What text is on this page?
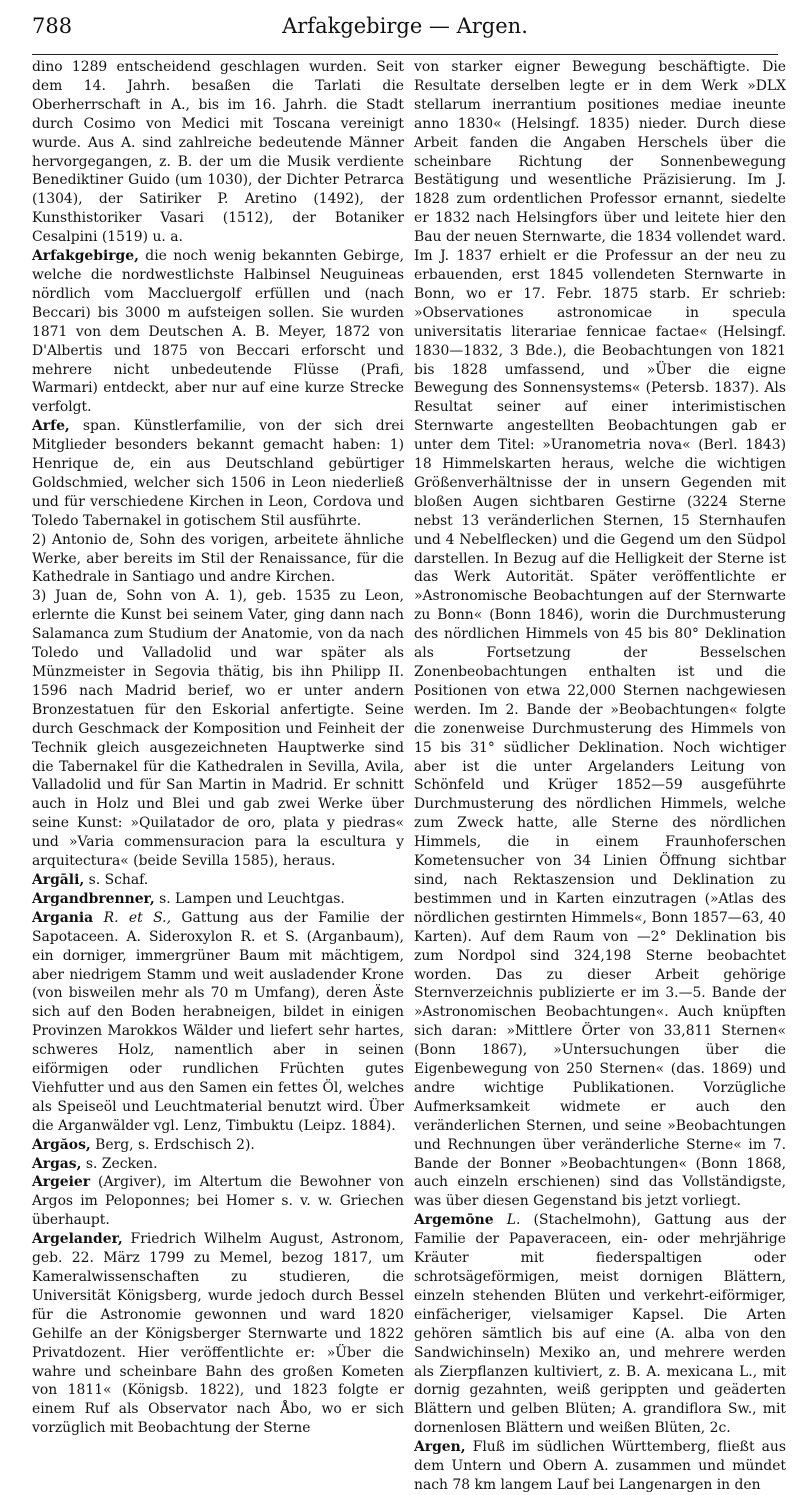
788	Arfakgebirge — Argen.

dino 1289 entscheidend geschlagen wurden. Seit dem 14. Jahrh. besaßen die Tarlati die Oberherrschaft in A., bis im 16. Jahrh. die Stadt durch Cosimo von Medici mit Toscana vereinigt wurde. Aus A. sind zahlreiche bedeutende Männer hervorgegangen, z. B. der um die Musik verdiente Benediktiner Guido (um 1030), der Dichter Petrarca (1304), der Satiriker P. Aretino (1492), der Kunsthistoriker Vasari (1512), der Botaniker Cesalpini (1519) u. a.

Arfakgebirge, die noch wenig bekannten Gebirge, welche die nordwestlichste Halbinsel Neuguineas nördlich vom Maccluergolf erfüllen und (nach Beccari) bis 3000 m aufsteigen sollen. Sie wurden 1871 von dem Deutschen A. B. Meyer, 1872 von D'Albertis und 1875 von Beccari erforscht und mehrere nicht unbedeutende Flüsse (Prafi, Warmari) entdeckt, aber nur auf eine kurze Strecke verfolgt.

Arfe, span. Künstlerfamilie, von der sich drei Mitglieder besonders bekannt gemacht haben: 1) Henrique de, ein aus Deutschland gebürtiger Goldschmied, welcher sich 1506 in Leon niederließ und für verschiedene Kirchen in Leon, Cordova und Toledo Tabernakel in gotischem Stil ausführte.

2) Antonio de, Sohn des vorigen, arbeitete ähnliche Werke, aber bereits im Stil der Renaissance, für die Kathedrale in Santiago und andre Kirchen.

3) Juan de, Sohn von A. 1), geb. 1535 zu Leon, erlernte die Kunst bei seinem Vater, ging dann nach Salamanca zum Studium der Anatomie, von da nach Toledo und Valladolid und war später als Münzmeister in Segovia thätig, bis ihn Philipp II. 1596 nach Madrid berief, wo er unter andern Bronzestatuen für den Eskorial anfertigte. Seine durch Geschmack der Komposition und Feinheit der Technik gleich ausgezeichneten Hauptwerke sind die Tabernakel für die Kathedralen in Sevilla, Avila, Valladolid und für San Martin in Madrid. Er schnitt auch in Holz und Blei und gab zwei Werke über seine Kunst: »Quilatador de oro, plata y piedras« und »Varia commensuracion para la escultura y arquitectura« (beide Sevilla 1585), heraus.

Argāli, s. Schaf.

Argandbrenner, s. Lampen und Leuchtgas.

Argania R. et S., Gattung aus der Familie der Sapotaceen. A. Sideroxylon R. et S. (Arganbaum), ein dorniger, immergrüner Baum mit mächtigem, aber niedrigem Stamm und weit ausladender Krone (von bisweilen mehr als 70 m Umfang), deren Äste sich auf den Boden herabneigen, bildet in einigen Provinzen Marokkos Wälder und liefert sehr hartes, schweres Holz, namentlich aber in seinen eiförmigen oder rundlichen Früchten gutes Viehfutter und aus den Samen ein fettes Öl, welches als Speiseöl und Leuchtmaterial benutzt wird. Über die Arganwälder vgl. Lenz, Timbuktu (Leipz. 1884).

Argăos, Berg, s. Erdschisch 2).

Argas, s. Zecken.

Argeier (Argiver), im Altertum die Bewohner von Argos im Peloponnes; bei Homer s. v. w. Griechen überhaupt.

Argelander, Friedrich Wilhelm August, Astronom, geb. 22. März 1799 zu Memel, bezog 1817, um Kameralwissenschaften zu studieren, die Universität Königsberg, wurde jedoch durch Bessel für die Astronomie gewonnen und ward 1820 Gehilfe an der Königsberger Sternwarte und 1822 Privatdozent. Hier veröffentlichte er: »Über die wahre und scheinbare Bahn des großen Kometen von 1811« (Königsb. 1822), und 1823 folgte er einem Ruf als Observator nach Åbo, wo er sich vorzüglich mit Beobachtung der Sterne

von starker eigner Bewegung beschäftigte. Die Resultate derselben legte er in dem Werk »DLX stellarum inerrantium positiones mediae ineunte anno 1830« (Helsingf. 1835) nieder. Durch diese Arbeit fanden die Angaben Herschels über die scheinbare Richtung der Sonnenbewegung Bestätigung und wesentliche Präzisierung. Im J. 1828 zum ordentlichen Professor ernannt, siedelte er 1832 nach Helsingfors über und leitete hier den Bau der neuen Sternwarte, die 1834 vollendet ward. Im J. 1837 erhielt er die Professur an der neu zu erbauenden, erst 1845 vollendeten Sternwarte in Bonn, wo er 17. Febr. 1875 starb. Er schrieb: »Observationes astronomicae in specula universitatis literariae fennicae factae« (Helsingf. 1830—1832, 3 Bde.), die Beobachtungen von 1821 bis 1828 umfassend, und »Über die eigne Bewegung des Sonnensystems« (Petersb. 1837). Als Resultat seiner auf einer interimistischen Sternwarte angestellten Beobachtungen gab er unter dem Titel: »Uranometria nova« (Berl. 1843) 18 Himmelskarten heraus, welche die wichtigen Größenverhältnisse der in unsern Gegenden mit bloßen Augen sichtbaren Gestirne (3224 Sterne nebst 13 veränderlichen Sternen, 15 Sternhaufen und 4 Nebelflecken) und die Gegend um den Südpol darstellen. In Bezug auf die Helligkeit der Sterne ist das Werk Autorität. Später veröffentlichte er »Astronomische Beobachtungen auf der Sternwarte zu Bonn« (Bonn 1846), worin die Durchmusterung des nördlichen Himmels von 45 bis 80° Deklination als Fortsetzung der Besselschen Zonenbeobachtungen enthalten ist und die Positionen von etwa 22,000 Sternen nachgewiesen werden. Im 2. Bande der »Beobachtungen« folgte die zonenweise Durchmusterung des Himmels von 15 bis 31° südlicher Deklination. Noch wichtiger aber ist die unter Argelanders Leitung von Schönfeld und Krüger 1852—59 ausgeführte Durchmusterung des nördlichen Himmels, welche zum Zweck hatte, alle Sterne des nördlichen Himmels, die in einem Fraunhoferschen Kometensucher von 34 Linien Öffnung sichtbar sind, nach Rektaszension und Deklination zu bestimmen und in Karten einzutragen (»Atlas des nördlichen gestirnten Himmels«, Bonn 1857—63, 40 Karten). Auf dem Raum von —2° Deklination bis zum Nordpol sind 324,198 Sterne beobachtet worden. Das zu dieser Arbeit gehörige Sternverzeichnis publizierte er im 3.—5. Bande der »Astronomischen Beobachtungen«. Auch knüpften sich daran: »Mittlere Örter von 33,811 Sternen« (Bonn 1867), »Untersuchungen über die Eigenbewegung von 250 Sternen« (das. 1869) und andre wichtige Publikationen. Vorzügliche Aufmerksamkeit widmete er auch den veränderlichen Sternen, und seine »Beobachtungen und Rechnungen über veränderliche Sterne« im 7. Bande der Bonner »Beobachtungen« (Bonn 1868, auch einzeln erschienen) sind das Vollständigste, was über diesen Gegenstand bis jetzt vorliegt.

Argemōne L. (Stachelmohn), Gattung aus der Familie der Papaveraceen, ein- oder mehrjährige Kräuter mit fiederspaltigen oder schrotsägeförmigen, meist dornigen Blättern, einzeln stehenden Blüten und verkehrt-eiförmiger, einfächeriger, vielsamiger Kapsel. Die Arten gehören sämtlich bis auf eine (A. alba von den Sandwichinseln) Mexiko an, und mehrere werden als Zierpflanzen kultiviert, z. B. A. mexicana L., mit dornig gezahnten, weiß gerippten und geäderten Blättern und gelben Blüten; A. grandiflora Sw., mit dornenlosen Blättern und weißen Blüten, 2c.

Argen, Fluß im südlichen Württemberg, fließt aus dem Untern und Obern A. zusammen und mündet nach 78 km langem Lauf bei Langenargen in den
